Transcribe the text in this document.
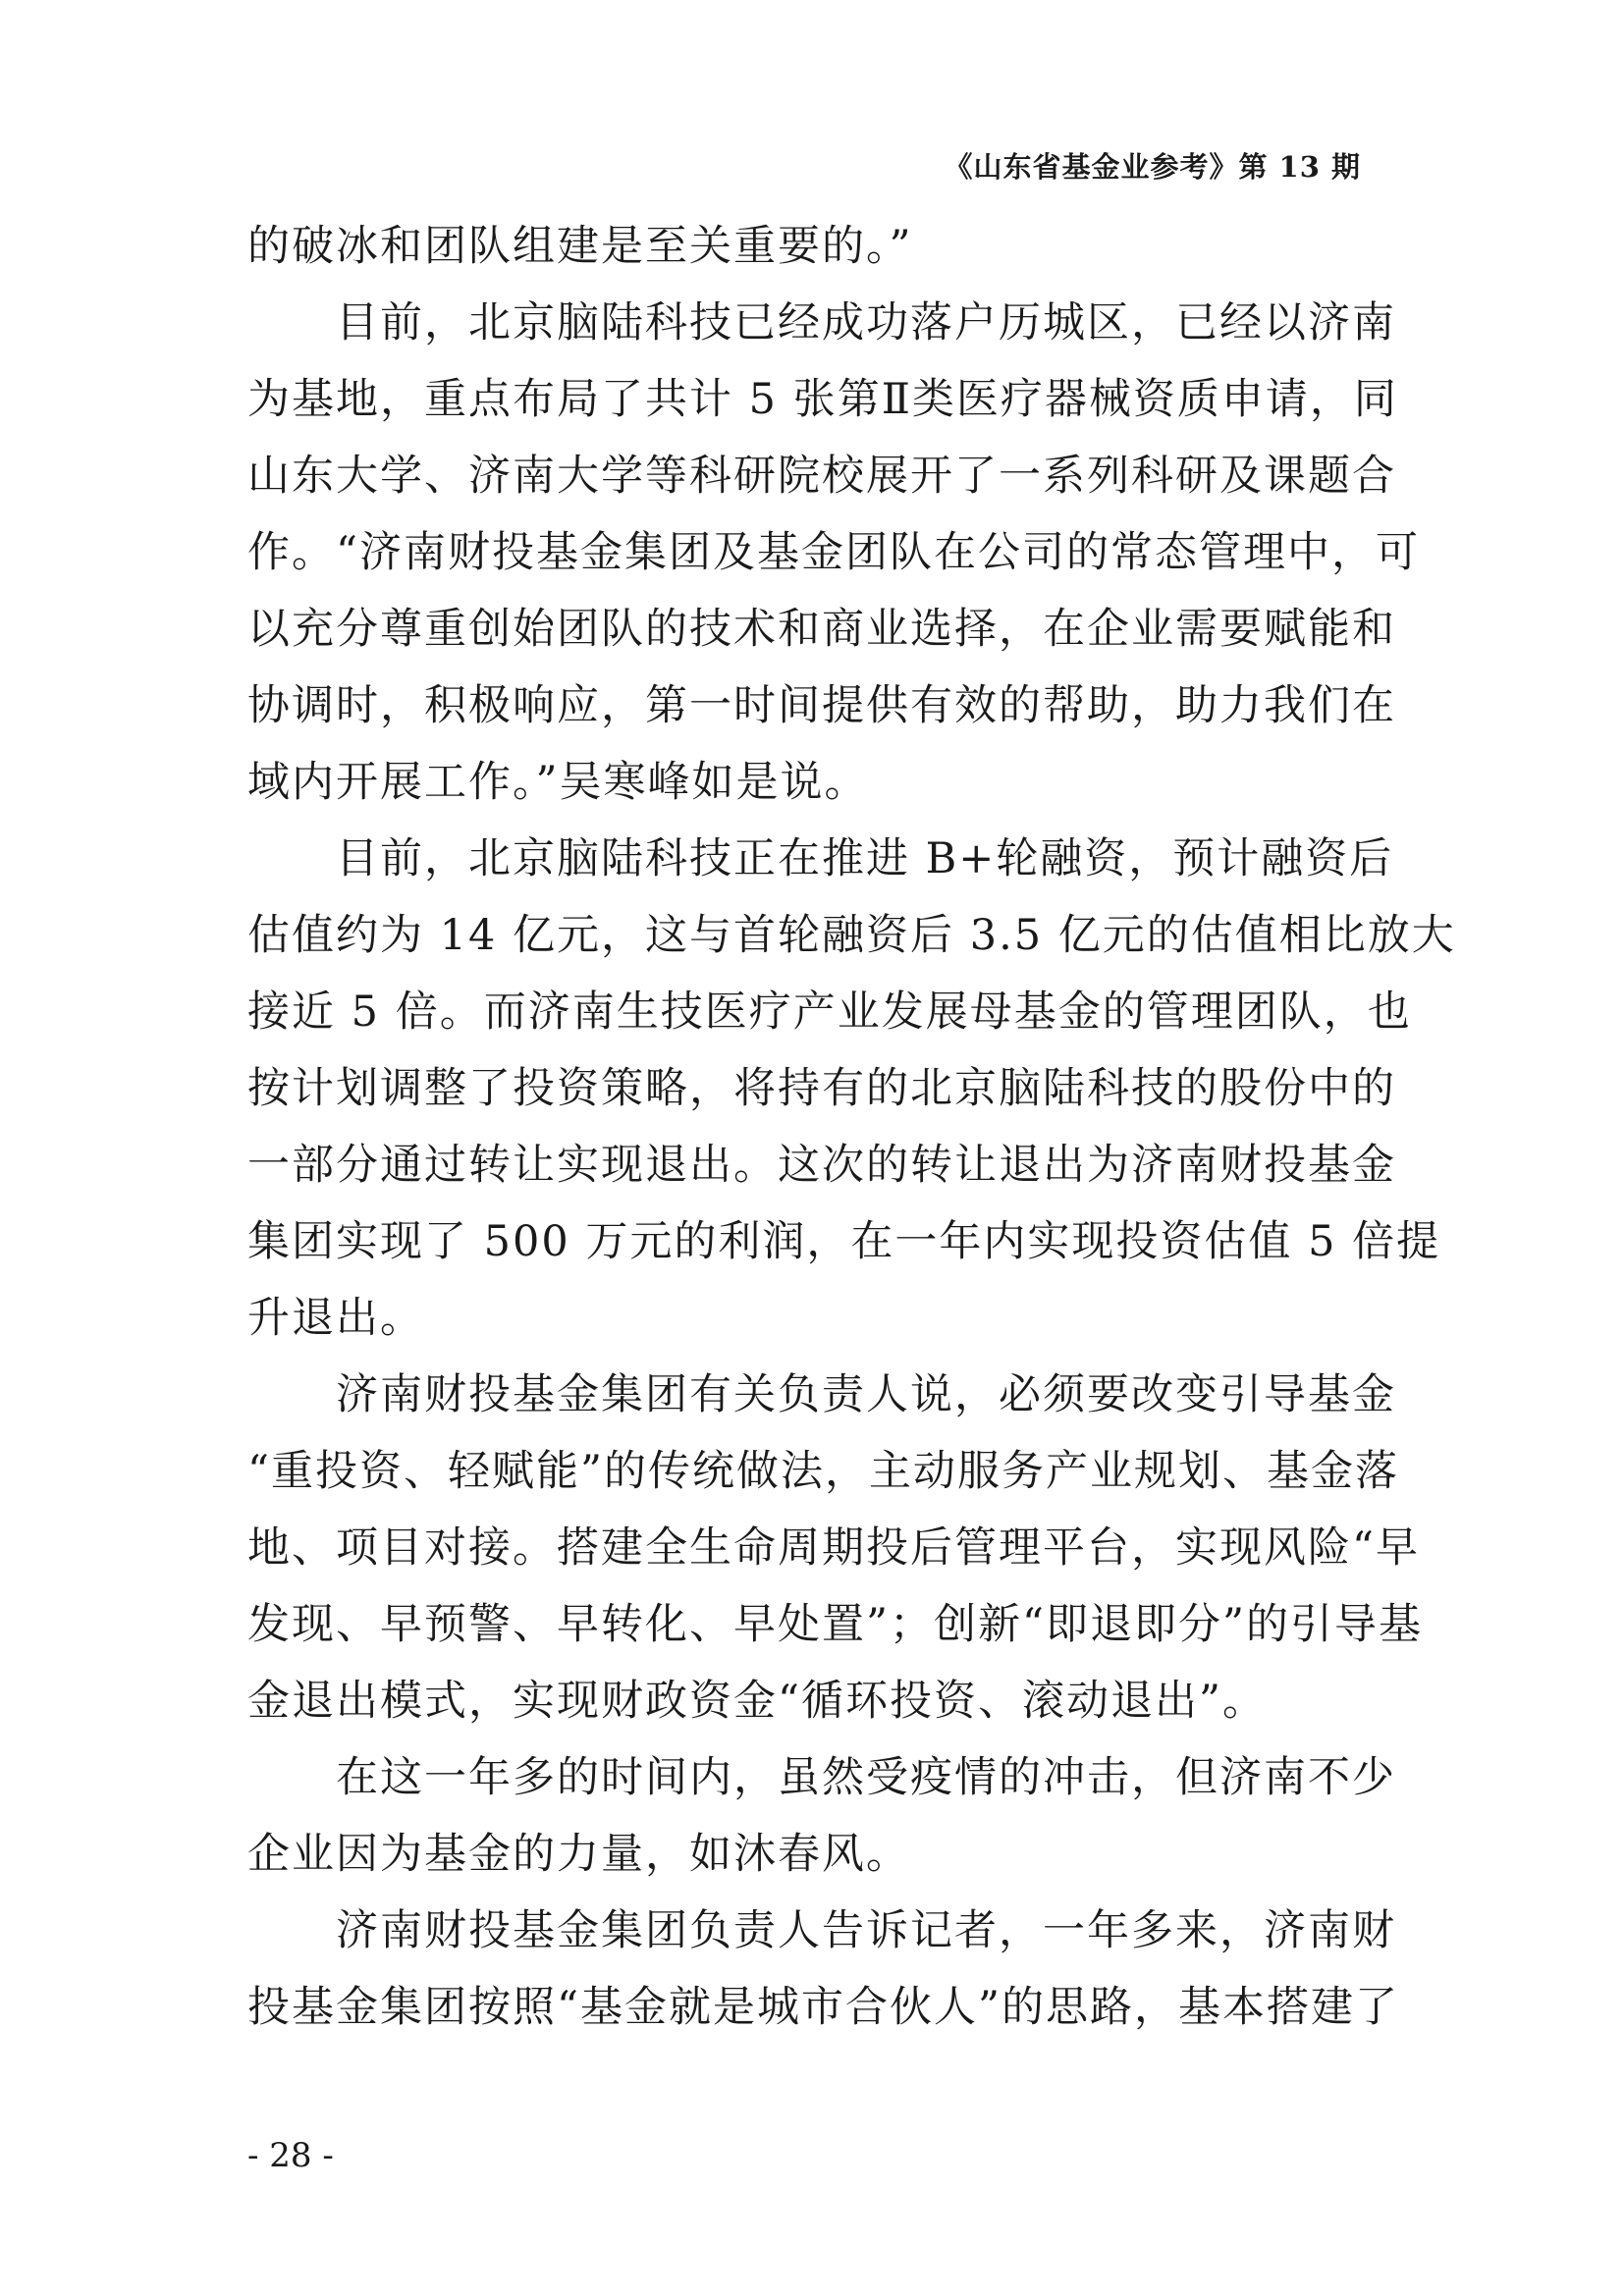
《山东省基金业参考》第 13 期
的破冰和团队组建是至关重要的。”
目前，北京脑陆科技已经成功落户历城区，已经以济南
为基地，重点布局了共计 5 张第Ⅱ类医疗器械资质申请，同
山东大学、济南大学等科研院校展开了一系列科研及课题合
作。“济南财投基金集团及基金团队在公司的常态管理中，可
以充分尊重创始团队的技术和商业选择，在企业需要赋能和
协调时，积极响应，第一时间提供有效的帮助，助力我们在
域内开展工作。”吴寒峰如是说。
目前，北京脑陆科技正在推进 B+轮融资，预计融资后
估值约为 14 亿元，这与首轮融资后 3.5 亿元的估值相比放大
接近 5 倍。而济南生技医疗产业发展母基金的管理团队，也
按计划调整了投资策略，将持有的北京脑陆科技的股份中的
一部分通过转让实现退出。这次的转让退出为济南财投基金
集团实现了 500 万元的利润，在一年内实现投资估值 5 倍提
升退出。
济南财投基金集团有关负责人说，必须要改变引导基金
“重投资、轻赋能”的传统做法，主动服务产业规划、基金落
地、项目对接。搭建全生命周期投后管理平台，实现风险“早
发现、早预警、早转化、早处置”；创新“即退即分”的引导基
金退出模式，实现财政资金“循环投资、滚动退出”。
在这一年多的时间内，虽然受疫情的冲击，但济南不少
企业因为基金的力量，如沐春风。
济南财投基金集团负责人告诉记者，一年多来，济南财
投基金集团按照“基金就是城市合伙人”的思路，基本搭建了
- 28 -
